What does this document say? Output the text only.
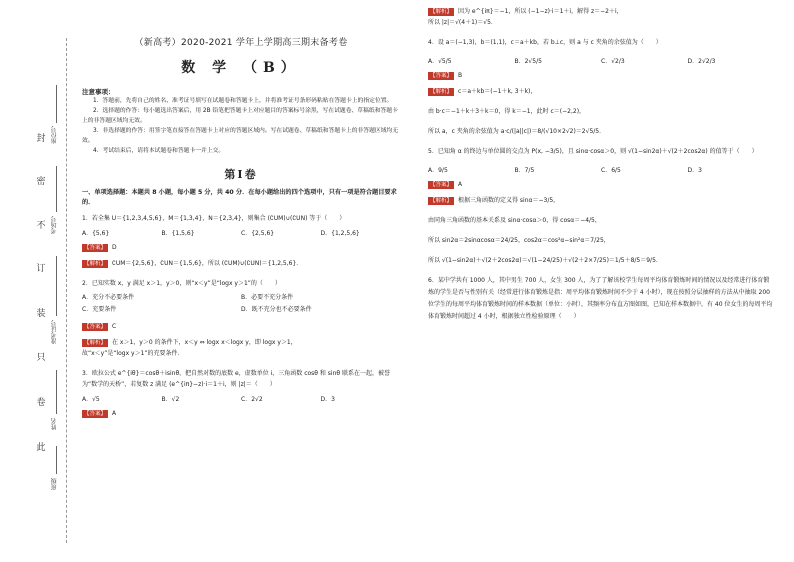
封
密
不
订
装
只
卷
此
座位号
考场号
准考证号
姓名
班级
（新高考）2020-2021 学年上学期高三期末备考卷
数 学 （B）
注意事项：

1．答题前，先将自己的姓名、准考证号填写在试题卷和答题卡上，并将准考证号条形码粘贴在答题卡上的指定位置。

2．选择题的作答：每小题选出答案后，用 2B 铅笔把答题卡上对应题目的答案标号涂黑，写在试题卷、草稿纸和答题卡上的非答题区域均无效。

3．非选择题的作答：用签字笔直接答在答题卡上对应的答题区域内。写在试题卷、草稿纸和答题卡上的非答题区域均无效。

4．考试结束后，请将本试题卷和答题卡一并上交。

第Ⅰ卷
一、单项选择题：本题共 8 小题，每小题 5 分，共 40 分．在每小题给出的四个选项中，只有一项是符合题目要求的．
1．若全集 U＝{1,2,3,4,5,6}，M＝{1,3,4}，N＝{2,3,4}，则集合 (∁UM)∪(∁UN) 等于（　　）
A．{5,6}	B．{1,5,6}	C．{2,5,6}	D．{1,2,5,6}
【答案】 D
【解析】 ∁UM＝{2,5,6}，∁UN＝{1,5,6}，所以 (∁UM)∪(∁UN)＝{1,2,5,6}．
2．已知实数 x，y 满足 x＞1，y＞0，则“x＜y”是“logx y＞1”的（　　）
A．充分不必要条件	B．必要不充分条件
C．充要条件	D．既不充分也不必要条件
【答案】 C
【解析】 在 x＞1，y＞0 的条件下，x＜y ⇔ logx x＜logx y，即 logx y＞1，
故“x＜y”是“logx y＞1”的充要条件．
3．欧拉公式 e^{iθ}＝cosθ＋isinθ，把自然对数的底数 e，虚数单位 i，三角函数 cosθ 和 sinθ 联系在一起，被誉为“数学的天桥”，若复数 z 满足 (e^{iπ}−z)·i＝1＋i，则 |z|＝（　　）
A．√5	B．√2	C．2√2	D．3
【答案】 A
【解析】 因为 e^{iπ}＝−1，所以 (−1−z)·i＝1＋i，解得 z＝−2＋i，
所以 |z|＝√(4＋1)＝√5．
4．设 a＝(−1,3)，b＝(1,1)，c＝a＋kb，若 b⊥c，则 a 与 c 夹角的余弦值为（　　）
A．√5/5	B．2√5/5	C．√2/3	D．2√2/3
【答案】 B
【解析】 c＝a＋kb＝(−1＋k, 3＋k)，
由 b·c＝−1＋k＋3＋k＝0，得 k＝−1，此时 c＝(−2,2)，
所以 a，c 夹角的余弦值为 a·c/(|a||c|)＝8/(√10×2√2)＝2√5/5．
5．已知角 α 的终边与单位圆的交点为 P(x, −3/5)，且 sinα·cosα＞0，则 √(1−sin2α)＋√(2＋2cos2α) 的值等于（　　）
A．9/5	B．7/5	C．6/5	D．3
【答案】 A
【解析】 根据三角函数的定义得 sinα＝−3/5，
由同角三角函数的基本关系及 sinα·cosα＞0，得 cosα＝−4/5，
所以 sin2α＝2sinαcosα＝24/25，cos2α＝cos²α−sin²α＝7/25，
所以 √(1−sin2α)＋√(2＋2cos2α)＝√(1−24/25)＋√(2＋2×7/25)＝1/5＋8/5＝9/5．
6．某中学共有 1000 人，其中男生 700 人，女生 300 人，为了了解该校学生每周平均体育锻炼时间的情况以及经常进行体育锻炼的学生是否与性别有关（经常进行体育锻炼是指：周平均体育锻炼时间不少于 4 小时），现在按照分层抽样的方法从中抽取 200 位学生的每周平均体育锻炼时间的样本数据（单位：小时），其频率分布直方图如图，已知在样本数据中，有 40 位女生的每周平均体育锻炼时间超过 4 小时，根据独立性检验原理（　　）
